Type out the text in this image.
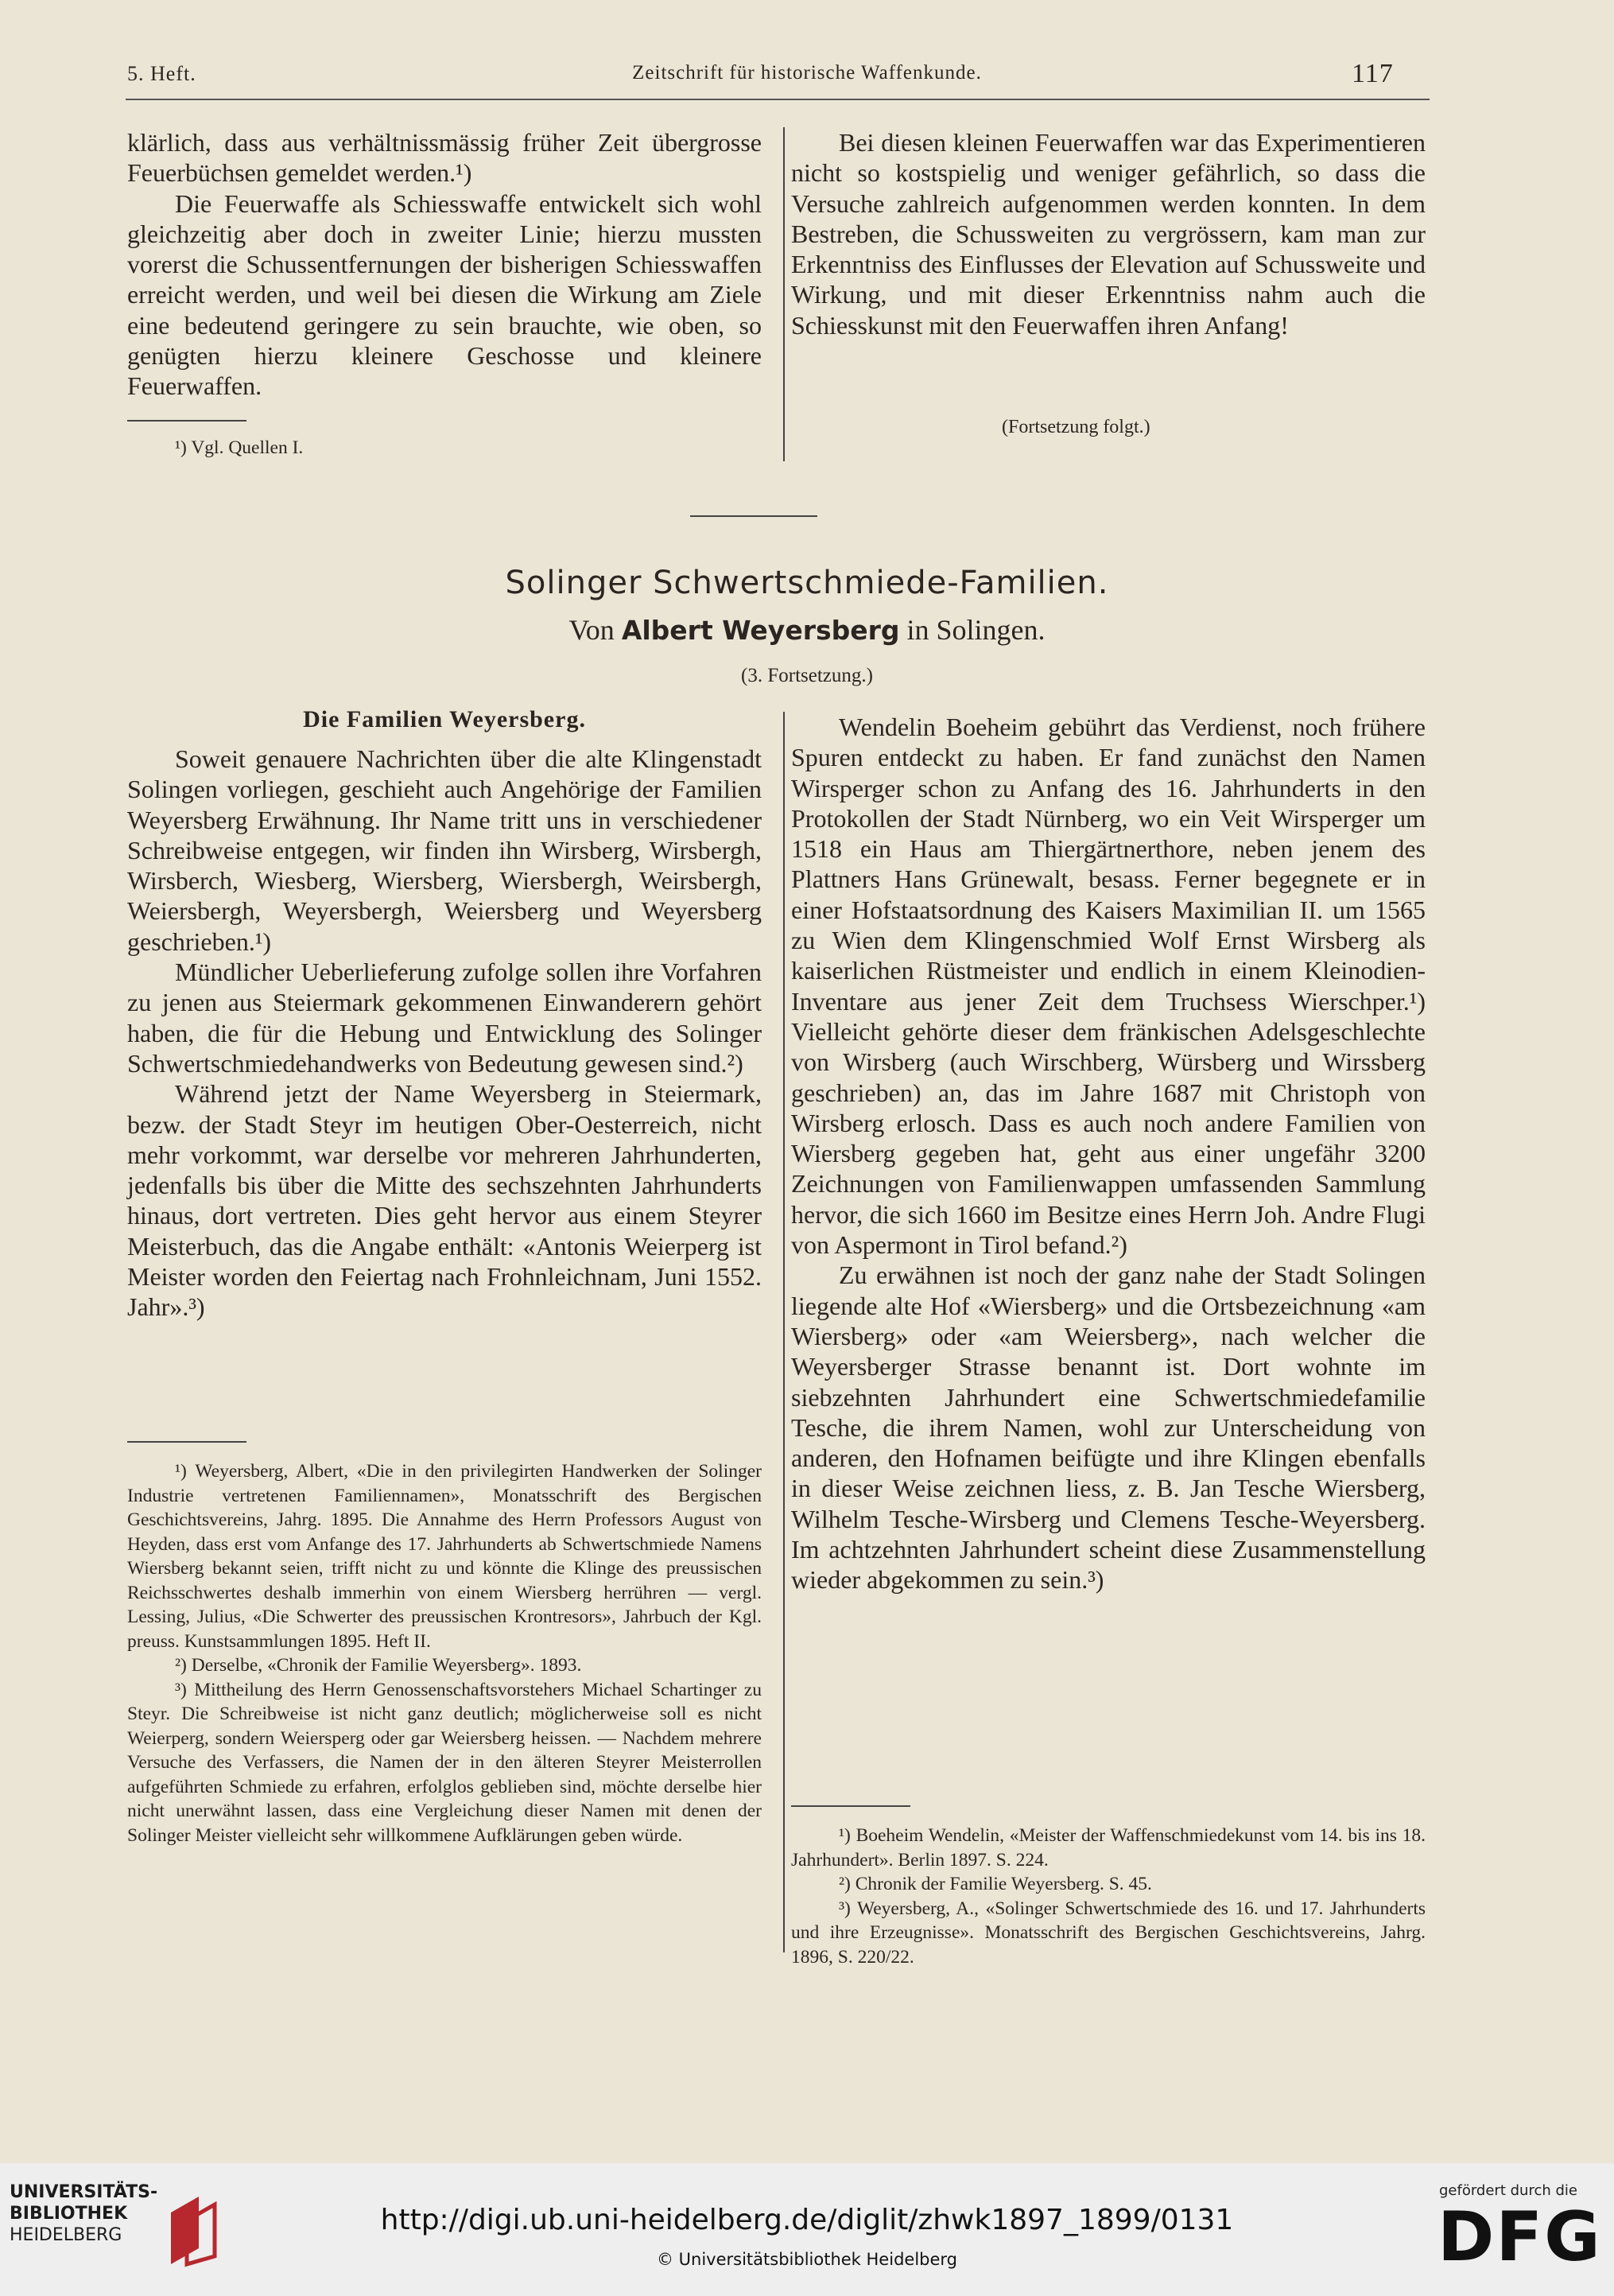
5. Heft.	Zeitschrift für historische Waffenkunde.	117

klärlich, dass aus verhältnissmässig früher Zeit übergrosse Feuerbüchsen gemeldet werden.¹)

Die Feuerwaffe als Schiesswaffe entwickelt sich wohl gleichzeitig aber doch in zweiter Linie; hierzu mussten vorerst die Schussentfernungen der bisherigen Schiesswaffen erreicht werden, und weil bei diesen die Wirkung am Ziele eine bedeutend geringere zu sein brauchte, wie oben, so genügten hierzu kleinere Geschosse und kleinere Feuerwaffen.

¹) Vgl. Quellen I.

Bei diesen kleinen Feuerwaffen war das Experimentieren nicht so kostspielig und weniger gefährlich, so dass die Versuche zahlreich aufgenommen werden konnten. In dem Bestreben, die Schussweiten zu vergrössern, kam man zur Erkenntniss des Einflusses der Elevation auf Schussweite und Wirkung, und mit dieser Erkenntniss nahm auch die Schiesskunst mit den Feuerwaffen ihren Anfang!

(Fortsetzung folgt.)
Solinger Schwertschmiede-Familien.
Von Albert Weyersberg in Solingen.
(3. Fortsetzung.)
Die Familien Weyersberg.

Soweit genauere Nachrichten über die alte Klingenstadt Solingen vorliegen, geschieht auch Angehörige der Familien Weyersberg Erwähnung. Ihr Name tritt uns in verschiedener Schreibweise entgegen, wir finden ihn Wirsberg, Wirsbergh, Wirsberch, Wiesberg, Wiersberg, Wiersbergh, Weirsbergh, Weiersbergh, Weyersbergh, Weiersberg und Weyersberg geschrieben.¹)

Mündlicher Ueberlieferung zufolge sollen ihre Vorfahren zu jenen aus Steiermark gekommenen Einwanderern gehört haben, die für die Hebung und Entwicklung des Solinger Schwertschmiedehandwerks von Bedeutung gewesen sind.²)

Während jetzt der Name Weyersberg in Steiermark, bezw. der Stadt Steyr im heutigen Ober-Oesterreich, nicht mehr vorkommt, war derselbe vor mehreren Jahrhunderten, jedenfalls bis über die Mitte des sechszehnten Jahrhunderts hinaus, dort vertreten. Dies geht hervor aus einem Steyrer Meisterbuch, das die Angabe enthält: «Antonis Weierperg ist Meister worden den Feiertag nach Frohnleichnam, Juni 1552. Jahr».³)

¹) Weyersberg, Albert, «Die in den privilegirten Handwerken der Solinger Industrie vertretenen Familiennamen», Monatsschrift des Bergischen Geschichtsvereins, Jahrg. 1895. Die Annahme des Herrn Professors August von Heyden, dass erst vom Anfange des 17. Jahrhunderts ab Schwertschmiede Namens Wiersberg bekannt seien, trifft nicht zu und könnte die Klinge des preussischen Reichsschwertes deshalb immerhin von einem Wiersberg herrühren — vergl. Lessing, Julius, «Die Schwerter des preussischen Krontresors», Jahrbuch der Kgl. preuss. Kunstsammlungen 1895. Heft II.

²) Derselbe, «Chronik der Familie Weyersberg». 1893.

³) Mittheilung des Herrn Genossenschaftsvorstehers Michael Schartinger zu Steyr. Die Schreibweise ist nicht ganz deutlich; möglicherweise soll es nicht Weierperg, sondern Weiersperg oder gar Weiersberg heissen. — Nachdem mehrere Versuche des Verfassers, die Namen der in den älteren Steyrer Meisterrollen aufgeführten Schmiede zu erfahren, erfolglos geblieben sind, möchte derselbe hier nicht unerwähnt lassen, dass eine Vergleichung dieser Namen mit denen der Solinger Meister vielleicht sehr willkommene Aufklärungen geben würde.

Wendelin Boeheim gebührt das Verdienst, noch frühere Spuren entdeckt zu haben. Er fand zunächst den Namen Wirsperger schon zu Anfang des 16. Jahrhunderts in den Protokollen der Stadt Nürnberg, wo ein Veit Wirsperger um 1518 ein Haus am Thiergärtnerthore, neben jenem des Plattners Hans Grünewalt, besass. Ferner begegnete er in einer Hofstaatsordnung des Kaisers Maximilian II. um 1565 zu Wien dem Klingenschmied Wolf Ernst Wirsberg als kaiserlichen Rüstmeister und endlich in einem Kleinodien-Inventare aus jener Zeit dem Truchsess Wierschper.¹) Vielleicht gehörte dieser dem fränkischen Adelsgeschlechte von Wirsberg (auch Wirschberg, Würsberg und Wirssberg geschrieben) an, das im Jahre 1687 mit Christoph von Wirsberg erlosch. Dass es auch noch andere Familien von Wiersberg gegeben hat, geht aus einer ungefähr 3200 Zeichnungen von Familienwappen umfassenden Sammlung hervor, die sich 1660 im Besitze eines Herrn Joh. Andre Flugi von Aspermont in Tirol befand.²)

Zu erwähnen ist noch der ganz nahe der Stadt Solingen liegende alte Hof «Wiersberg» und die Ortsbezeichnung «am Wiersberg» oder «am Weiersberg», nach welcher die Weyersberger Strasse benannt ist. Dort wohnte im siebzehnten Jahrhundert eine Schwertschmiedefamilie Tesche, die ihrem Namen, wohl zur Unterscheidung von anderen, den Hofnamen beifügte und ihre Klingen ebenfalls in dieser Weise zeichnen liess, z. B. Jan Tesche Wiersberg, Wilhelm Tesche-Wirsberg und Clemens Tesche-Weyersberg. Im achtzehnten Jahrhundert scheint diese Zusammenstellung wieder abgekommen zu sein.³)

¹) Boeheim Wendelin, «Meister der Waffenschmiedekunst vom 14. bis ins 18. Jahrhundert». Berlin 1897. S. 224.

²) Chronik der Familie Weyersberg. S. 45.

³) Weyersberg, A., «Solinger Schwertschmiede des 16. und 17. Jahrhunderts und ihre Erzeugnisse». Monatsschrift des Bergischen Geschichtsvereins, Jahrg. 1896, S. 220/22.

UNIVERSITÄTS-
BIBLIOTHEK
HEIDELBERG	http://digi.ub.uni-heidelberg.de/diglit/zhwk1897_1899/0131
© Universitätsbibliothek Heidelberg
gefördert durch die
DFG
